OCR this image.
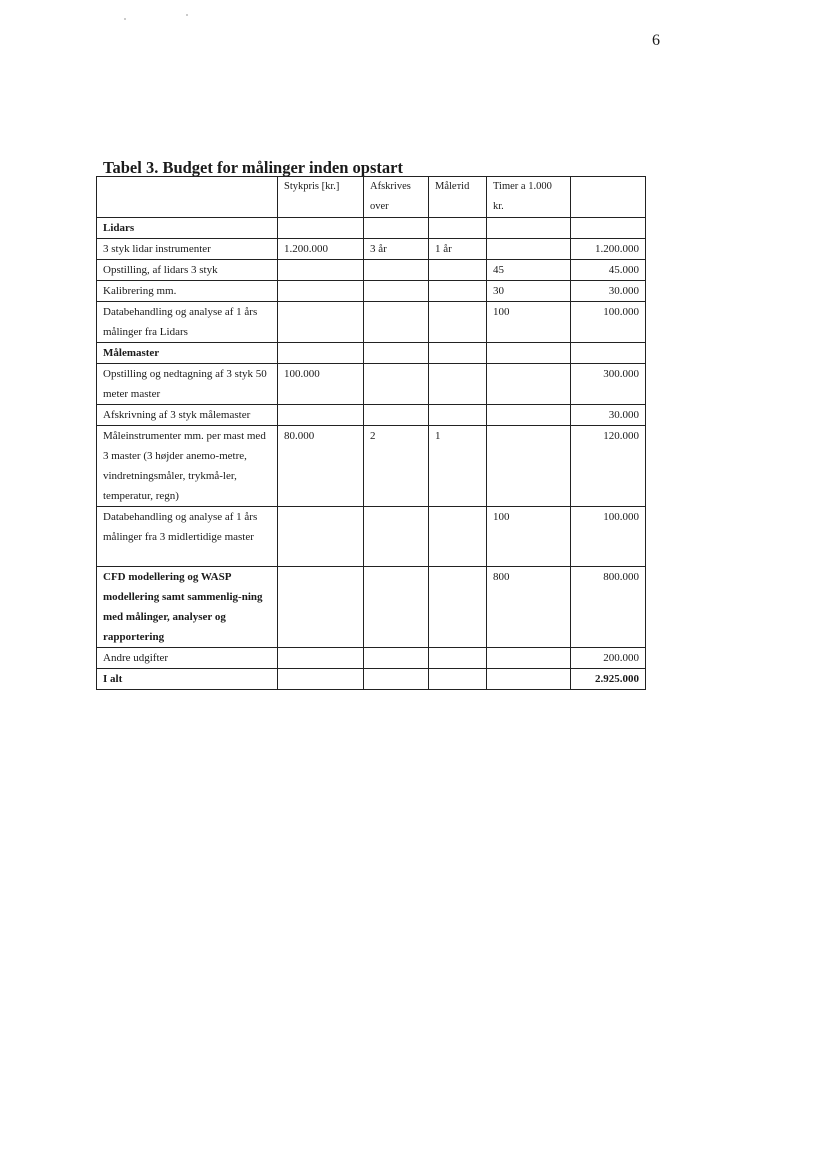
6
Tabel 3. Budget for målinger inden opstart
	Stykpris [kr.]	Afskrives over	Målетid	Timer a 1.000 kr.	
Lidars					
3 styk lidar instrumenter	1.200.000	3 år	1 år		1.200.000
Opstilling, af lidars 3 styk				45	45.000
Kalibrering mm.				30	30.000
Databehandling og analyse af 1 års målinger fra Lidars				100	100.000
Målemaster					
Opstilling og nedtagning af 3 styk 50 meter master	100.000				300.000
Afskrivning af 3 styk målemaster					30.000
Måleinstrumenter mm. per mast med 3 master (3 højder anemo-metre, vindretningsmåler, trykmå-ler, temperatur, regn)	80.000	2	1		120.000
Databehandling og analyse af 1 års målinger fra 3 midlertidige master				100	100.000
CFD modellering og WASP modellering samt sammenlig-ning med målinger, analyser og rapportering				800	800.000
Andre udgifter					200.000
I alt					2.925.000
